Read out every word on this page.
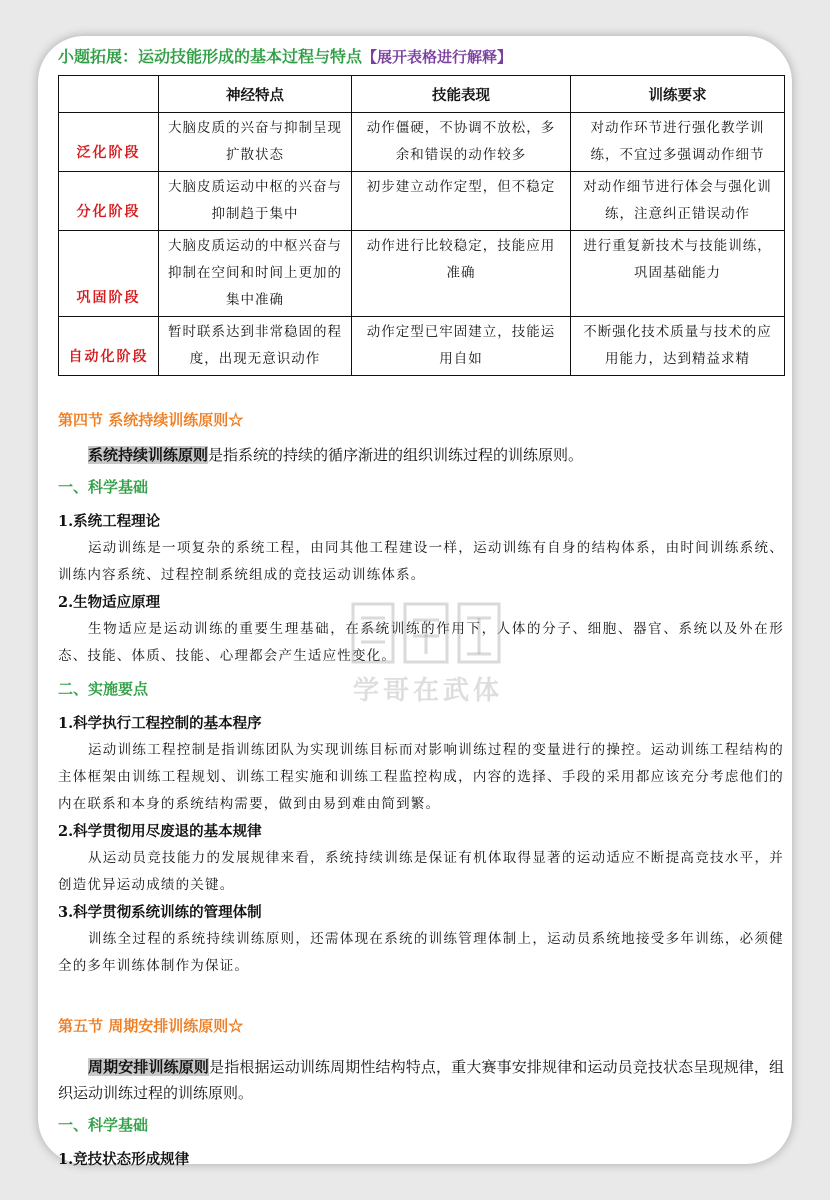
小题拓展：运动技能形成的基本过程与特点【展开表格进行解释】
	神经特点	技能表现	训练要求
泛化阶段	大脑皮质的兴奋与抑制呈现扩散状态	动作僵硬，不协调不放松，多余和错误的动作较多	对动作环节进行强化教学训练，不宜过多强调动作细节
分化阶段	大脑皮质运动中枢的兴奋与抑制趋于集中	初步建立动作定型，但不稳定	对动作细节进行体会与强化训练，注意纠正错误动作
巩固阶段	大脑皮质运动的中枢兴奋与抑制在空间和时间上更加的集中准确	动作进行比较稳定，技能应用准确	进行重复新技术与技能训练，巩固基础能力
自动化阶段	暂时联系达到非常稳固的程度，出现无意识动作	动作定型已牢固建立，技能运用自如	不断强化技术质量与技术的应用能力，达到精益求精
第四节 系统持续训练原则☆
系统持续训练原则是指系统的持续的循序渐进的组织训练过程的训练原则。
一、科学基础
1.系统工程理论
运动训练是一项复杂的系统工程，由同其他工程建设一样，运动训练有自身的结构体系，由时间训练系统、训练内容系统、过程控制系统组成的竞技运动训练体系。
2.生物适应原理
生物适应是运动训练的重要生理基础，在系统训练的作用下，人体的分子、细胞、器官、系统以及外在形态、技能、体质、技能、心理都会产生适应性变化。
二、实施要点
1.科学执行工程控制的基本程序
运动训练工程控制是指训练团队为实现训练目标而对影响训练过程的变量进行的操控。运动训练工程结构的主体框架由训练工程规划、训练工程实施和训练工程监控构成，内容的选择、手段的采用都应该充分考虑他们的内在联系和本身的系统结构需要，做到由易到难由简到繁。
2.科学贯彻用尽废退的基本规律
从运动员竞技能力的发展规律来看，系统持续训练是保证有机体取得显著的运动适应不断提高竞技水平，并创造优异运动成绩的关键。
3.科学贯彻系统训练的管理体制
训练全过程的系统持续训练原则，还需体现在系统的训练管理体制上，运动员系统地接受多年训练，必须健全的多年训练体制作为保证。
第五节 周期安排训练原则☆
周期安排训练原则是指根据运动训练周期性结构特点，重大赛事安排规律和运动员竞技状态呈现规律，组织运动训练过程的训练原则。
一、科学基础
1.竞技状态形成规律
学哥在武体
